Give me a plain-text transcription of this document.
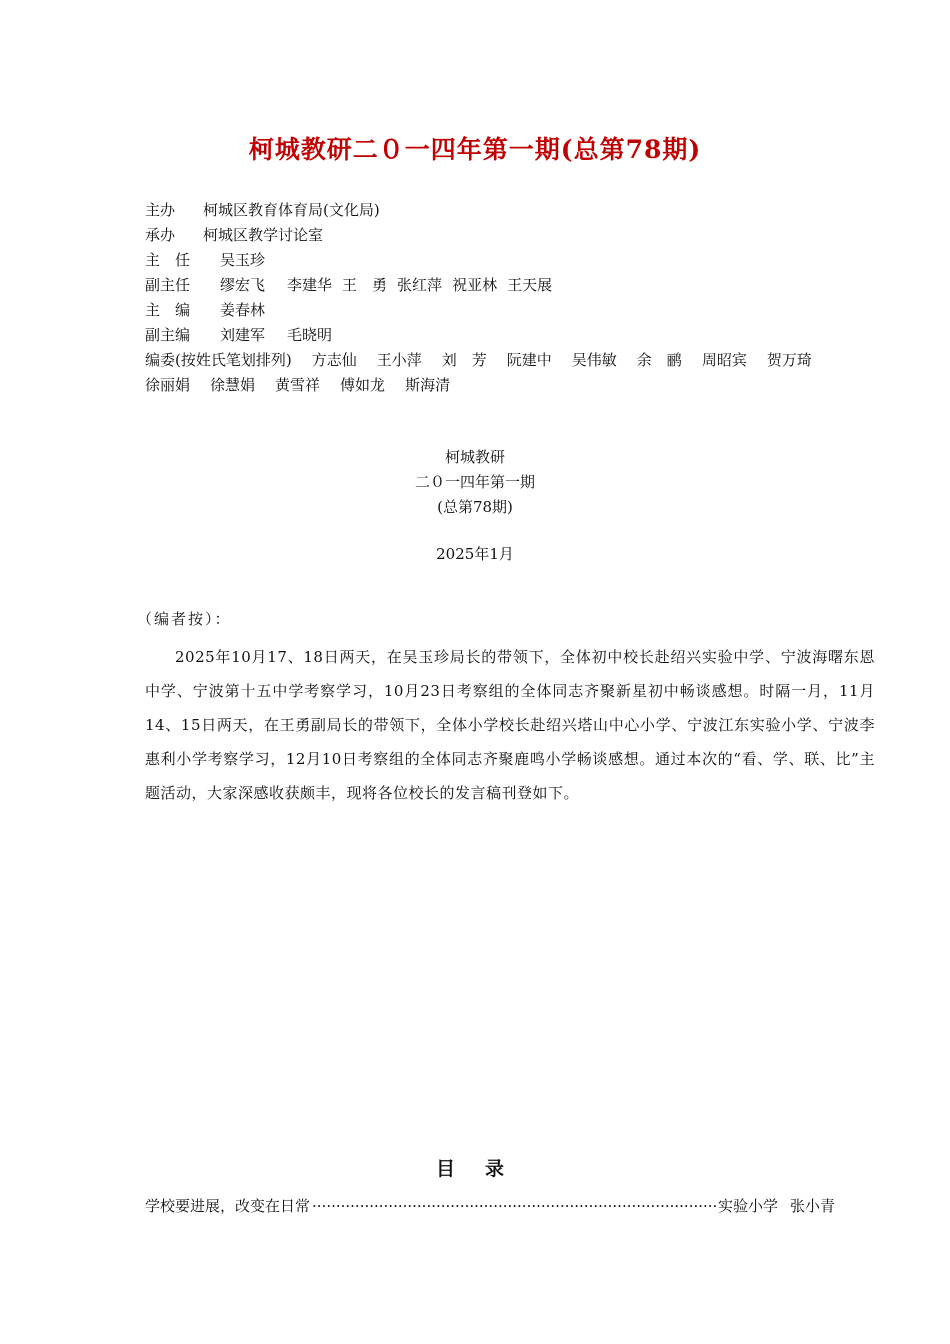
柯城教研二０一四年第一期(总第78期)
主办 柯城区教育体育局(文化局)
承办 柯城区教学讨论室
主　任 吴玉珍
副主任 缪宏飞 李建华 王　勇 张红萍 祝亚林 王天展
主　编 姜春林
副主编 刘建军 毛晓明
编委(按姓氏笔划排列) 方志仙 王小萍 刘　芳 阮建中 吴伟敏 余　鹂 周昭宾 贺万琦徐丽娟 徐慧娟 黄雪祥 傅如龙 斯海清
柯城教研
二０一四年第一期
(总第78期)
2025年1月
（编者按）：
2025年10月17、18日两天，在吴玉珍局长的带领下，全体初中校长赴绍兴实验中学、宁波海曙东恩中学、宁波第十五中学考察学习，10月23日考察组的全体同志齐聚新星初中畅谈感想。时隔一月，11月14、15日两天，在王勇副局长的带领下，全体小学校长赴绍兴塔山中心小学、宁波江东实验小学、宁波李惠利小学考察学习，12月10日考察组的全体同志齐聚鹿鸣小学畅谈感想。通过本次的“看、学、联、比”主题活动，大家深感收获颇丰，现将各位校长的发言稿刊登如下。
目录
学校要进展，改变在日常
·····	实验小学 张小青
